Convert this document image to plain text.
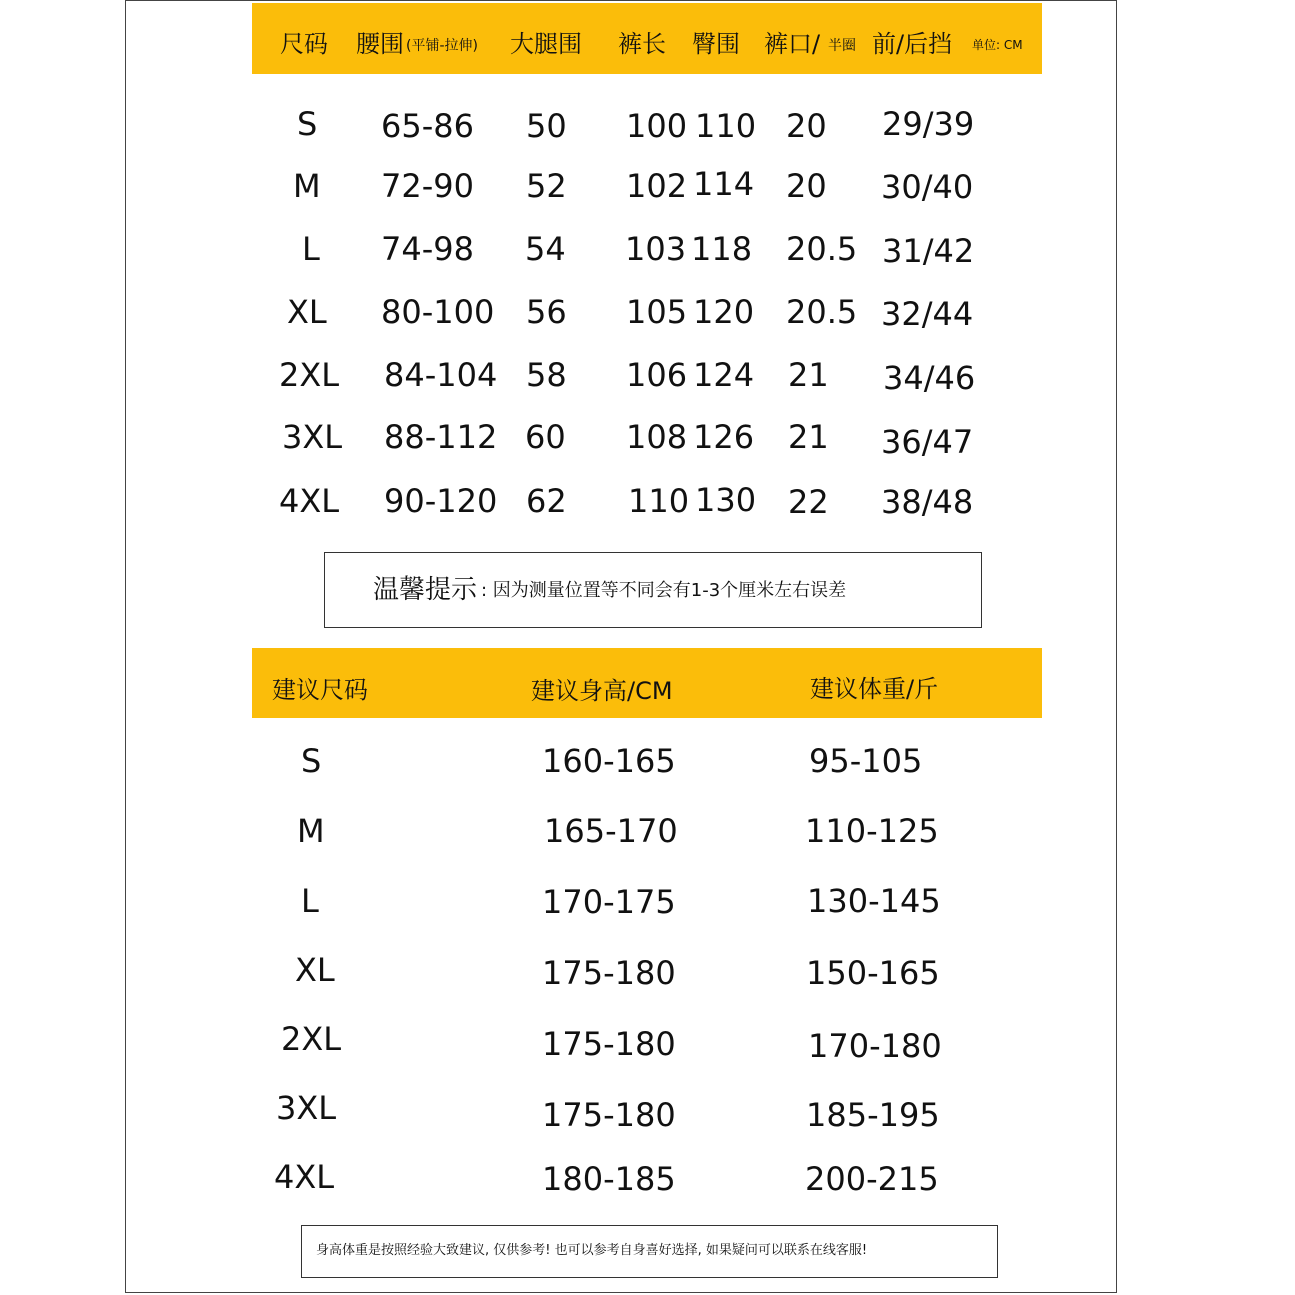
尺码 腰围 (平铺-拉伸) 大腿围 裤长 臀围 裤口/ 半圈 前/后挡 单位: CM
S 65-86 50 100 110 20 29/39
M 72-90 52 102 114 20 30/40
L 74-98 54 103 118 20.5 31/42
XL 80-100 56 105 120 20.5 32/44
2XL 84-104 58 106 124 21 34/46
3XL 88-112 60 108 126 21 36/47
4XL 90-120 62 110 130 22 38/48
温馨提示 : 因为测量位置等不同会有1-3个厘米左右误差
建议尺码	建议身高/CM	建议体重/斤
S	160-165	95-105
M	165-170	110-125
L	170-175	130-145
XL	175-180	150-165
2XL	175-180	170-180
3XL	175-180	185-195
4XL	180-185	200-215
身高体重是按照经验大致建议, 仅供参考! 也可以参考自身喜好选择, 如果疑问可以联系在线客服!
